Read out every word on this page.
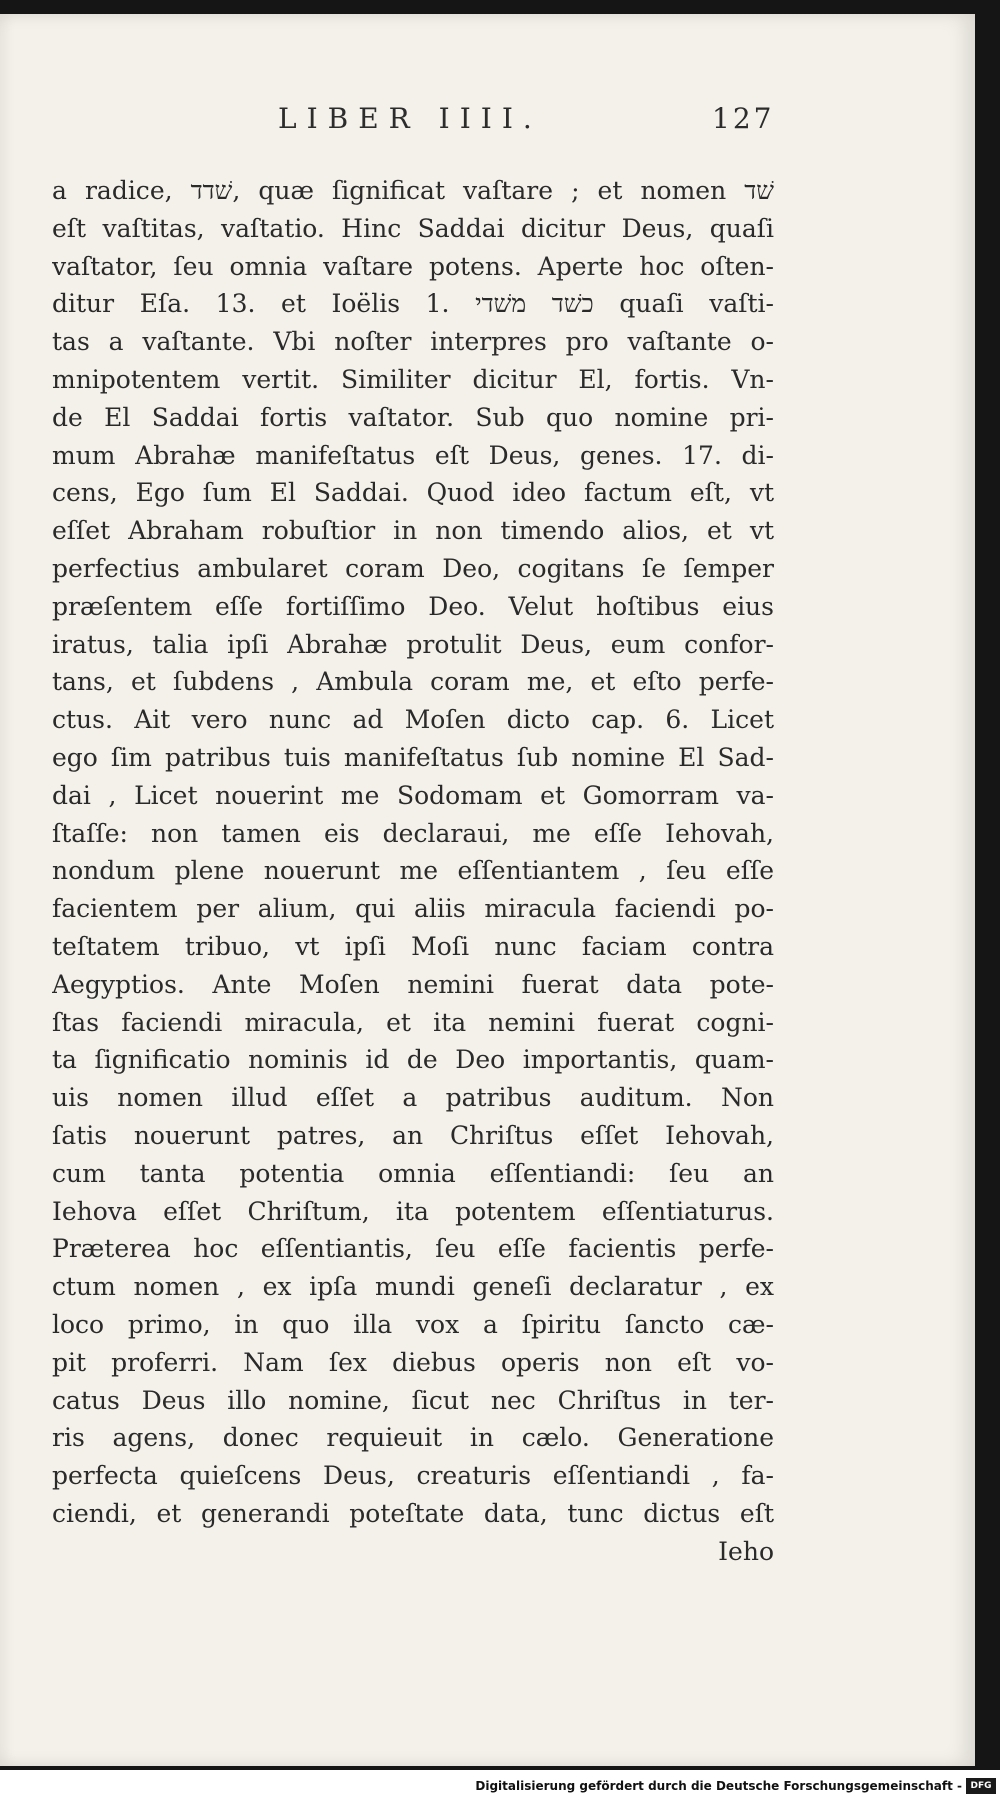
LIBER IIII.	127
a radice, שׁדד, quæ ſignificat vaſtare ; et nomen שׁד
eſt vaſtitas, vaſtatio. Hinc Saddai dicitur Deus, quaſi
vaſtator, ſeu omnia vaſtare potens. Aperte hoc oſten-
ditur Eſa. 13. et Ioëlis 1. כשׁד משׁדי quaſi vaſti-
tas a vaſtante. Vbi noſter interpres pro vaſtante o-
mnipotentem vertit. Similiter dicitur El, fortis. Vn-
de El Saddai fortis vaſtator. Sub quo nomine pri-
mum Abrahæ manifeſtatus eſt Deus, genes. 17. di-
cens, Ego ſum El Saddai. Quod ideo factum eſt, vt
eſſet Abraham robuſtior in non timendo alios, et vt
perfectius ambularet coram Deo, cogitans ſe ſemper
præſentem eſſe fortiſſimo Deo. Velut hoſtibus eius
iratus, talia ipſi Abrahæ protulit Deus, eum confor-
tans, et ſubdens , Ambula coram me, et eſto perfe-
ctus. Ait vero nunc ad Moſen dicto cap. 6. Licet
ego ſim patribus tuis manifeſtatus ſub nomine El Sad-
dai , Licet nouerint me Sodomam et Gomorram va-
ſtaſſe: non tamen eis declaraui, me eſſe Iehovah,
nondum plene nouerunt me eſſentiantem , ſeu eſſe
facientem per alium, qui aliis miracula faciendi po-
teſtatem tribuo, vt ipſi Moſi nunc faciam contra
Aegyptios. Ante Moſen nemini fuerat data pote-
ſtas faciendi miracula, et ita nemini fuerat cogni-
ta ſignificatio nominis id de Deo importantis, quam-
uis nomen illud eſſet a patribus auditum. Non
ſatis nouerunt patres, an Chriſtus eſſet Iehovah,
cum tanta potentia omnia eſſentiandi: ſeu an
Iehova eſſet Chriſtum, ita potentem eſſentiaturus.
Præterea hoc eſſentiantis, ſeu eſſe facientis perfe-
ctum nomen , ex ipſa mundi geneſi declaratur , ex
loco primo, in quo illa vox a ſpiritu ſancto cæ-
pit proferri. Nam ſex diebus operis non eſt vo-
catus Deus illo nomine, ſicut nec Chriſtus in ter-
ris agens, donec requieuit in cælo. Generatione
perfecta quieſcens Deus, creaturis eſſentiandi , fa-
ciendi, et generandi poteſtate data, tunc dictus eſt
Ieho
Digitalisierung gefördert durch die Deutsche Forschungsgemeinschaft - DFG
